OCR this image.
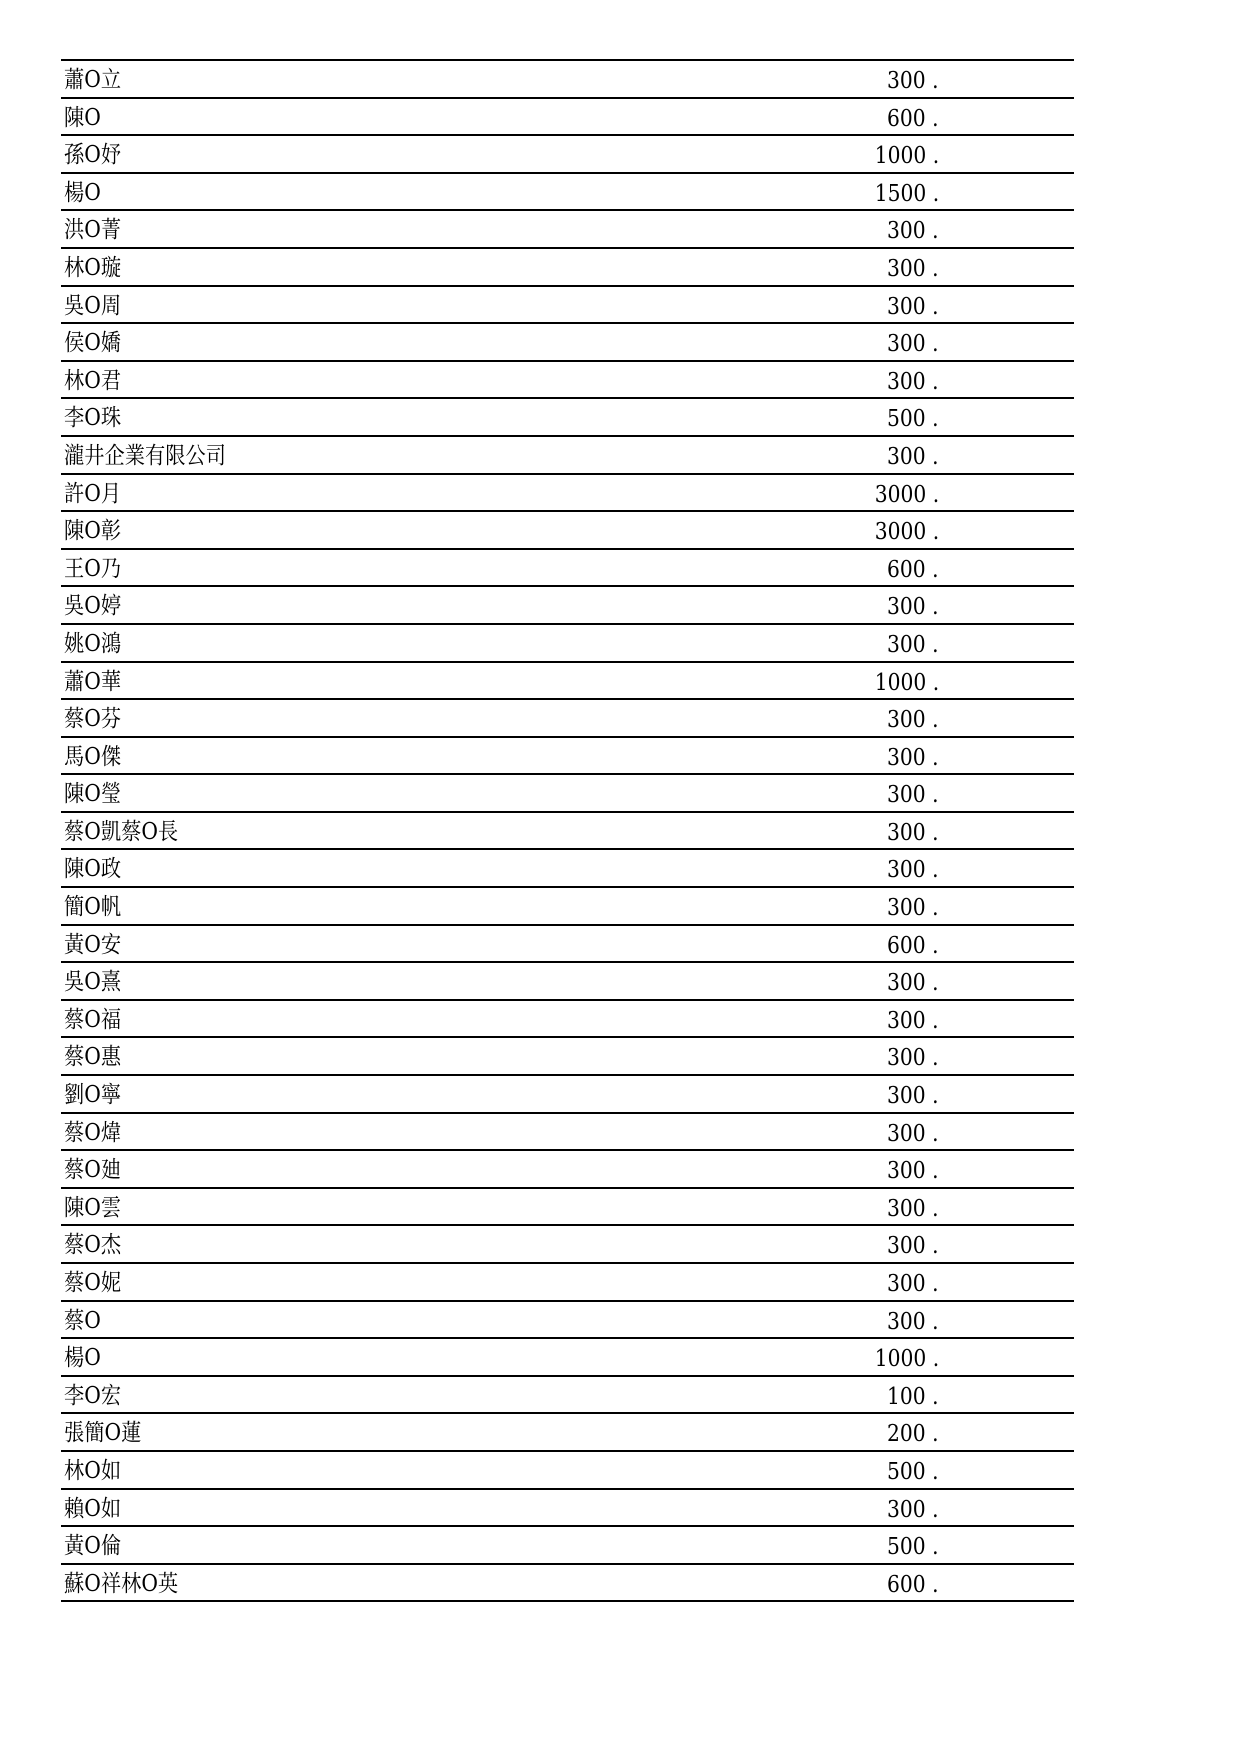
蕭O立	300 .
陳O	600 .
孫O妤	1000 .
楊O	1500 .
洪O菁	300 .
林O璇	300 .
吳O周	300 .
侯O嬌	300 .
林O君	300 .
李O珠	500 .
瀧井企業有限公司	300 .
許O月	3000 .
陳O彰	3000 .
王O乃	600 .
吳O婷	300 .
姚O鴻	300 .
蕭O華	1000 .
蔡O芬	300 .
馬O傑	300 .
陳O瑩	300 .
蔡O凱蔡O長	300 .
陳O政	300 .
簡O帆	300 .
黃O安	600 .
吳O熹	300 .
蔡O福	300 .
蔡O惠	300 .
劉O寧	300 .
蔡O煒	300 .
蔡O廸	300 .
陳O雲	300 .
蔡O杰	300 .
蔡O妮	300 .
蔡O	300 .
楊O	1000 .
李O宏	100 .
張簡O蓮	200 .
林O如	500 .
賴O如	300 .
黃O倫	500 .
蘇O祥林O英	600 .
